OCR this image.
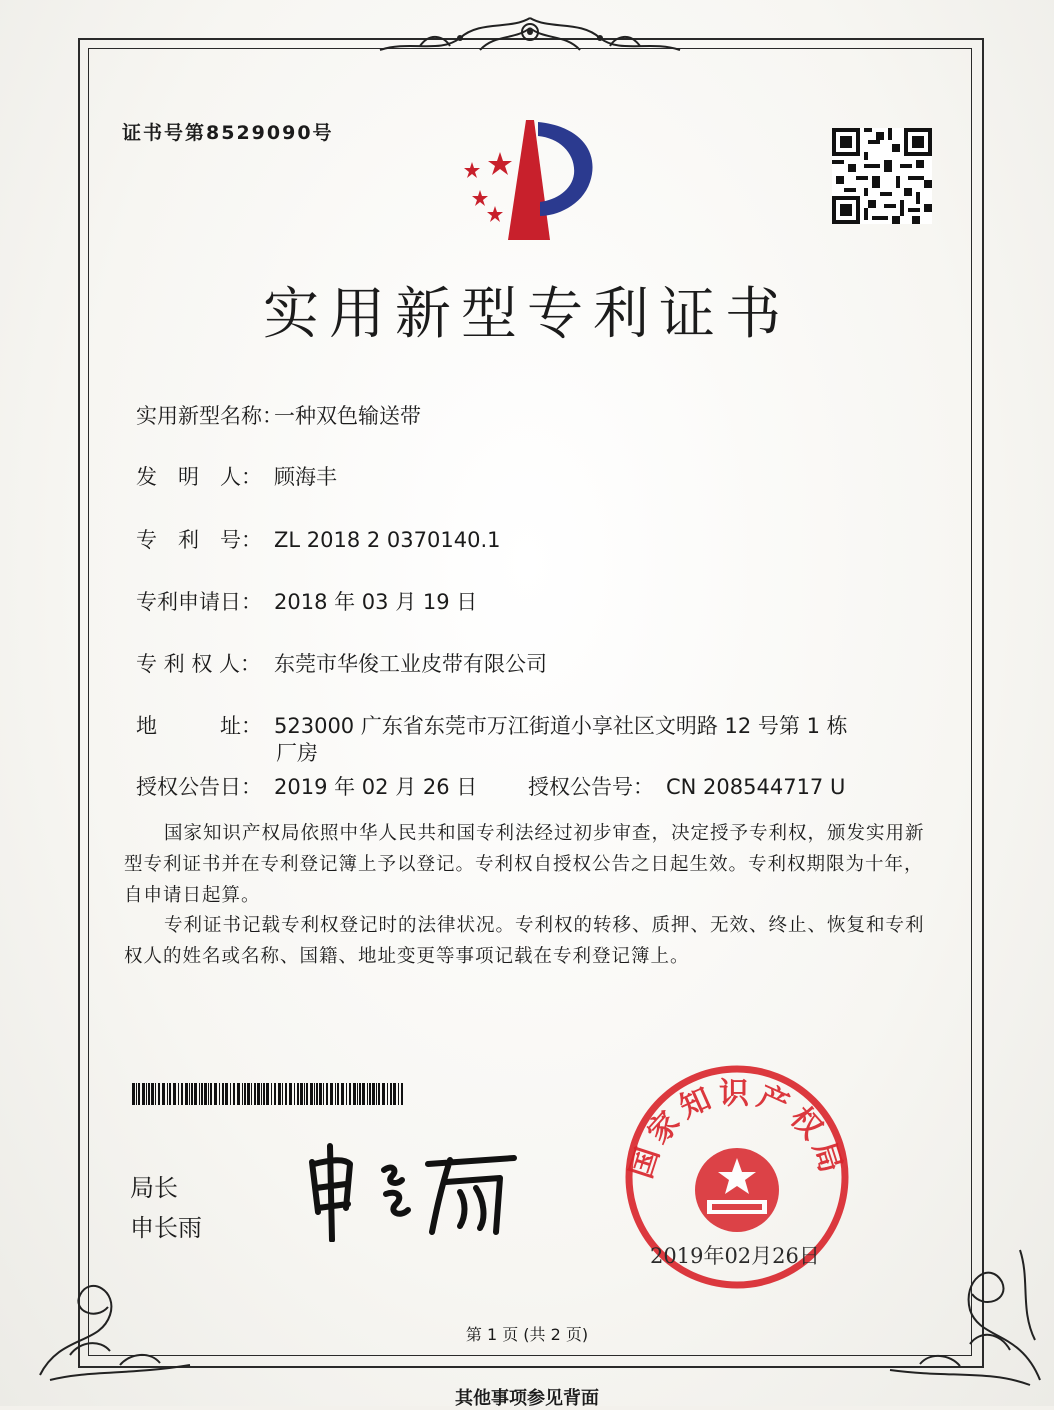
证书号第8529090号
实用新型专利证书
实用新型名称：一种双色输送带
发　明　人： 顾海丰
专　利　号： ZL 2018 2 0370140.1
专利申请日： 2018 年 03 月 19 日
专 利 权 人： 东莞市华俊工业皮带有限公司
地　　　址： 523000 广东省东莞市万江街道小享社区文明路 12 号第 1 栋
厂房
授权公告日： 2019 年 02 月 26 日 授权公告号： CN 208544717 U
国家知识产权局依照中华人民共和国专利法经过初步审查，决定授予专利权，颁发实用新型专利证书并在专利登记簿上予以登记。专利权自授权公告之日起生效。专利权期限为十年，自申请日起算。
专利证书记载专利权登记时的法律状况。专利权的转移、质押、无效、终止、恢复和专利权人的姓名或名称、国籍、地址变更等事项记载在专利登记簿上。
局长
申长雨
国家知识产权局
2019年02月26日
第 1 页 (共 2 页)
其他事项参见背面
